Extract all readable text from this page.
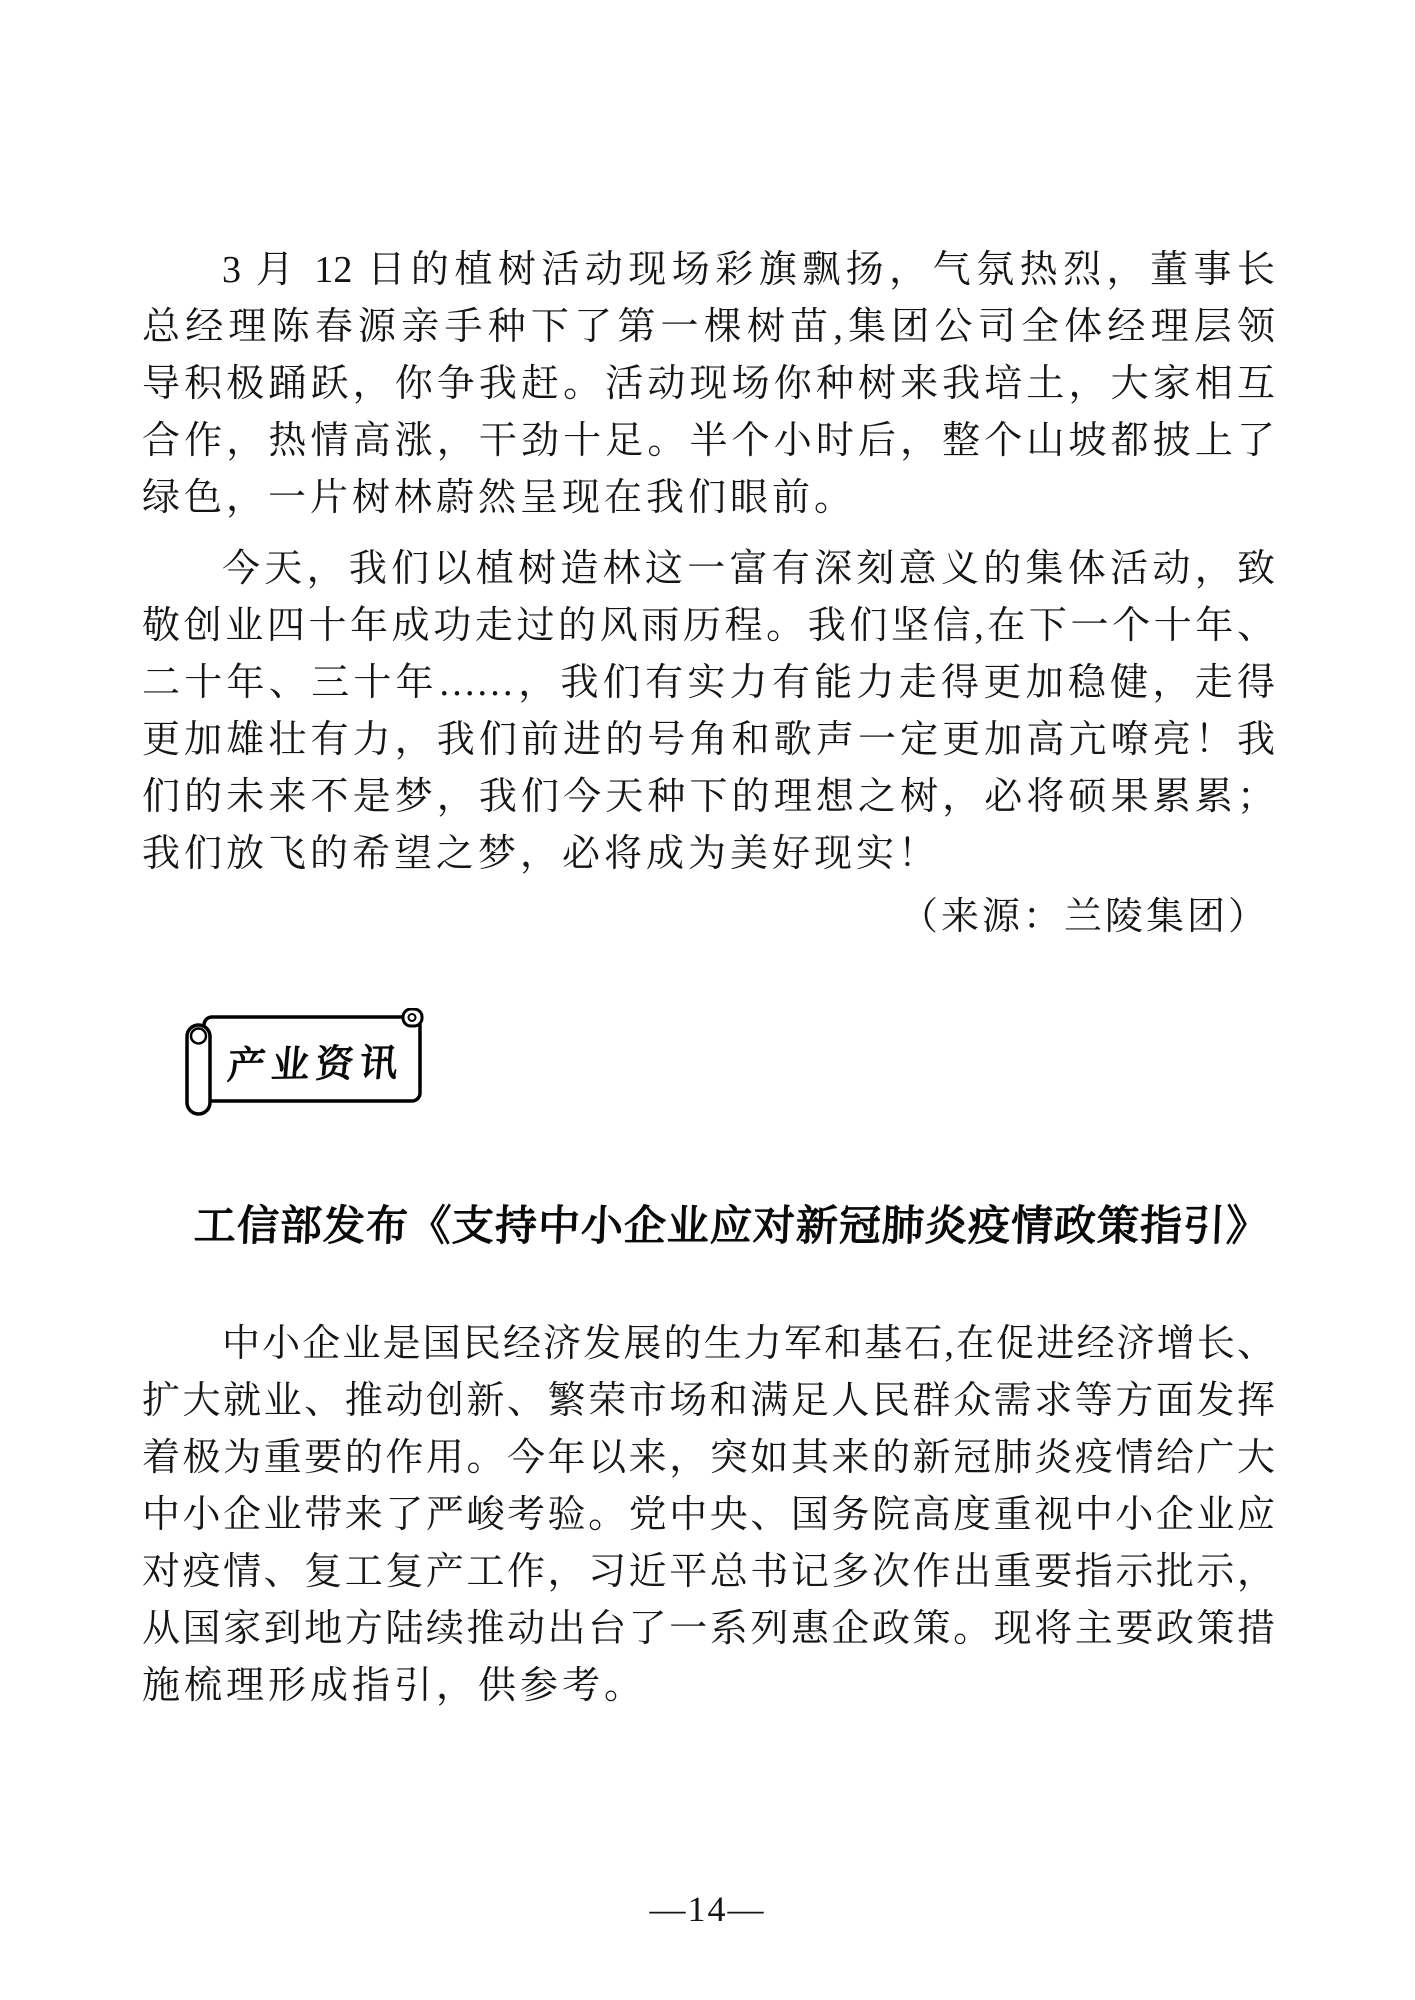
3 月 12 日的植树活动现场彩旗飘扬，气氛热烈，董事长
总经理陈春源亲手种下了第一棵树苗,集团公司全体经理层领
导积极踊跃，你争我赶。活动现场你种树来我培土，大家相互
合作，热情高涨，干劲十足。半个小时后，整个山坡都披上了
绿色，一片树林蔚然呈现在我们眼前。
今天，我们以植树造林这一富有深刻意义的集体活动，致
敬创业四十年成功走过的风雨历程。我们坚信,在下一个十年、
二十年、三十年……，我们有实力有能力走得更加稳健，走得
更加雄壮有力，我们前进的号角和歌声一定更加高亢嘹亮！我
们的未来不是梦，我们今天种下的理想之树，必将硕果累累；
我们放飞的希望之梦，必将成为美好现实！
（来源：兰陵集团）
产业资讯
工信部发布《支持中小企业应对新冠肺炎疫情政策指引》
中小企业是国民经济发展的生力军和基石,在促进经济增长、
扩大就业、推动创新、繁荣市场和满足人民群众需求等方面发挥
着极为重要的作用。今年以来，突如其来的新冠肺炎疫情给广大
中小企业带来了严峻考验。党中央、国务院高度重视中小企业应
对疫情、复工复产工作，习近平总书记多次作出重要指示批示，
从国家到地方陆续推动出台了一系列惠企政策。现将主要政策措
施梳理形成指引，供参考。
—14—
